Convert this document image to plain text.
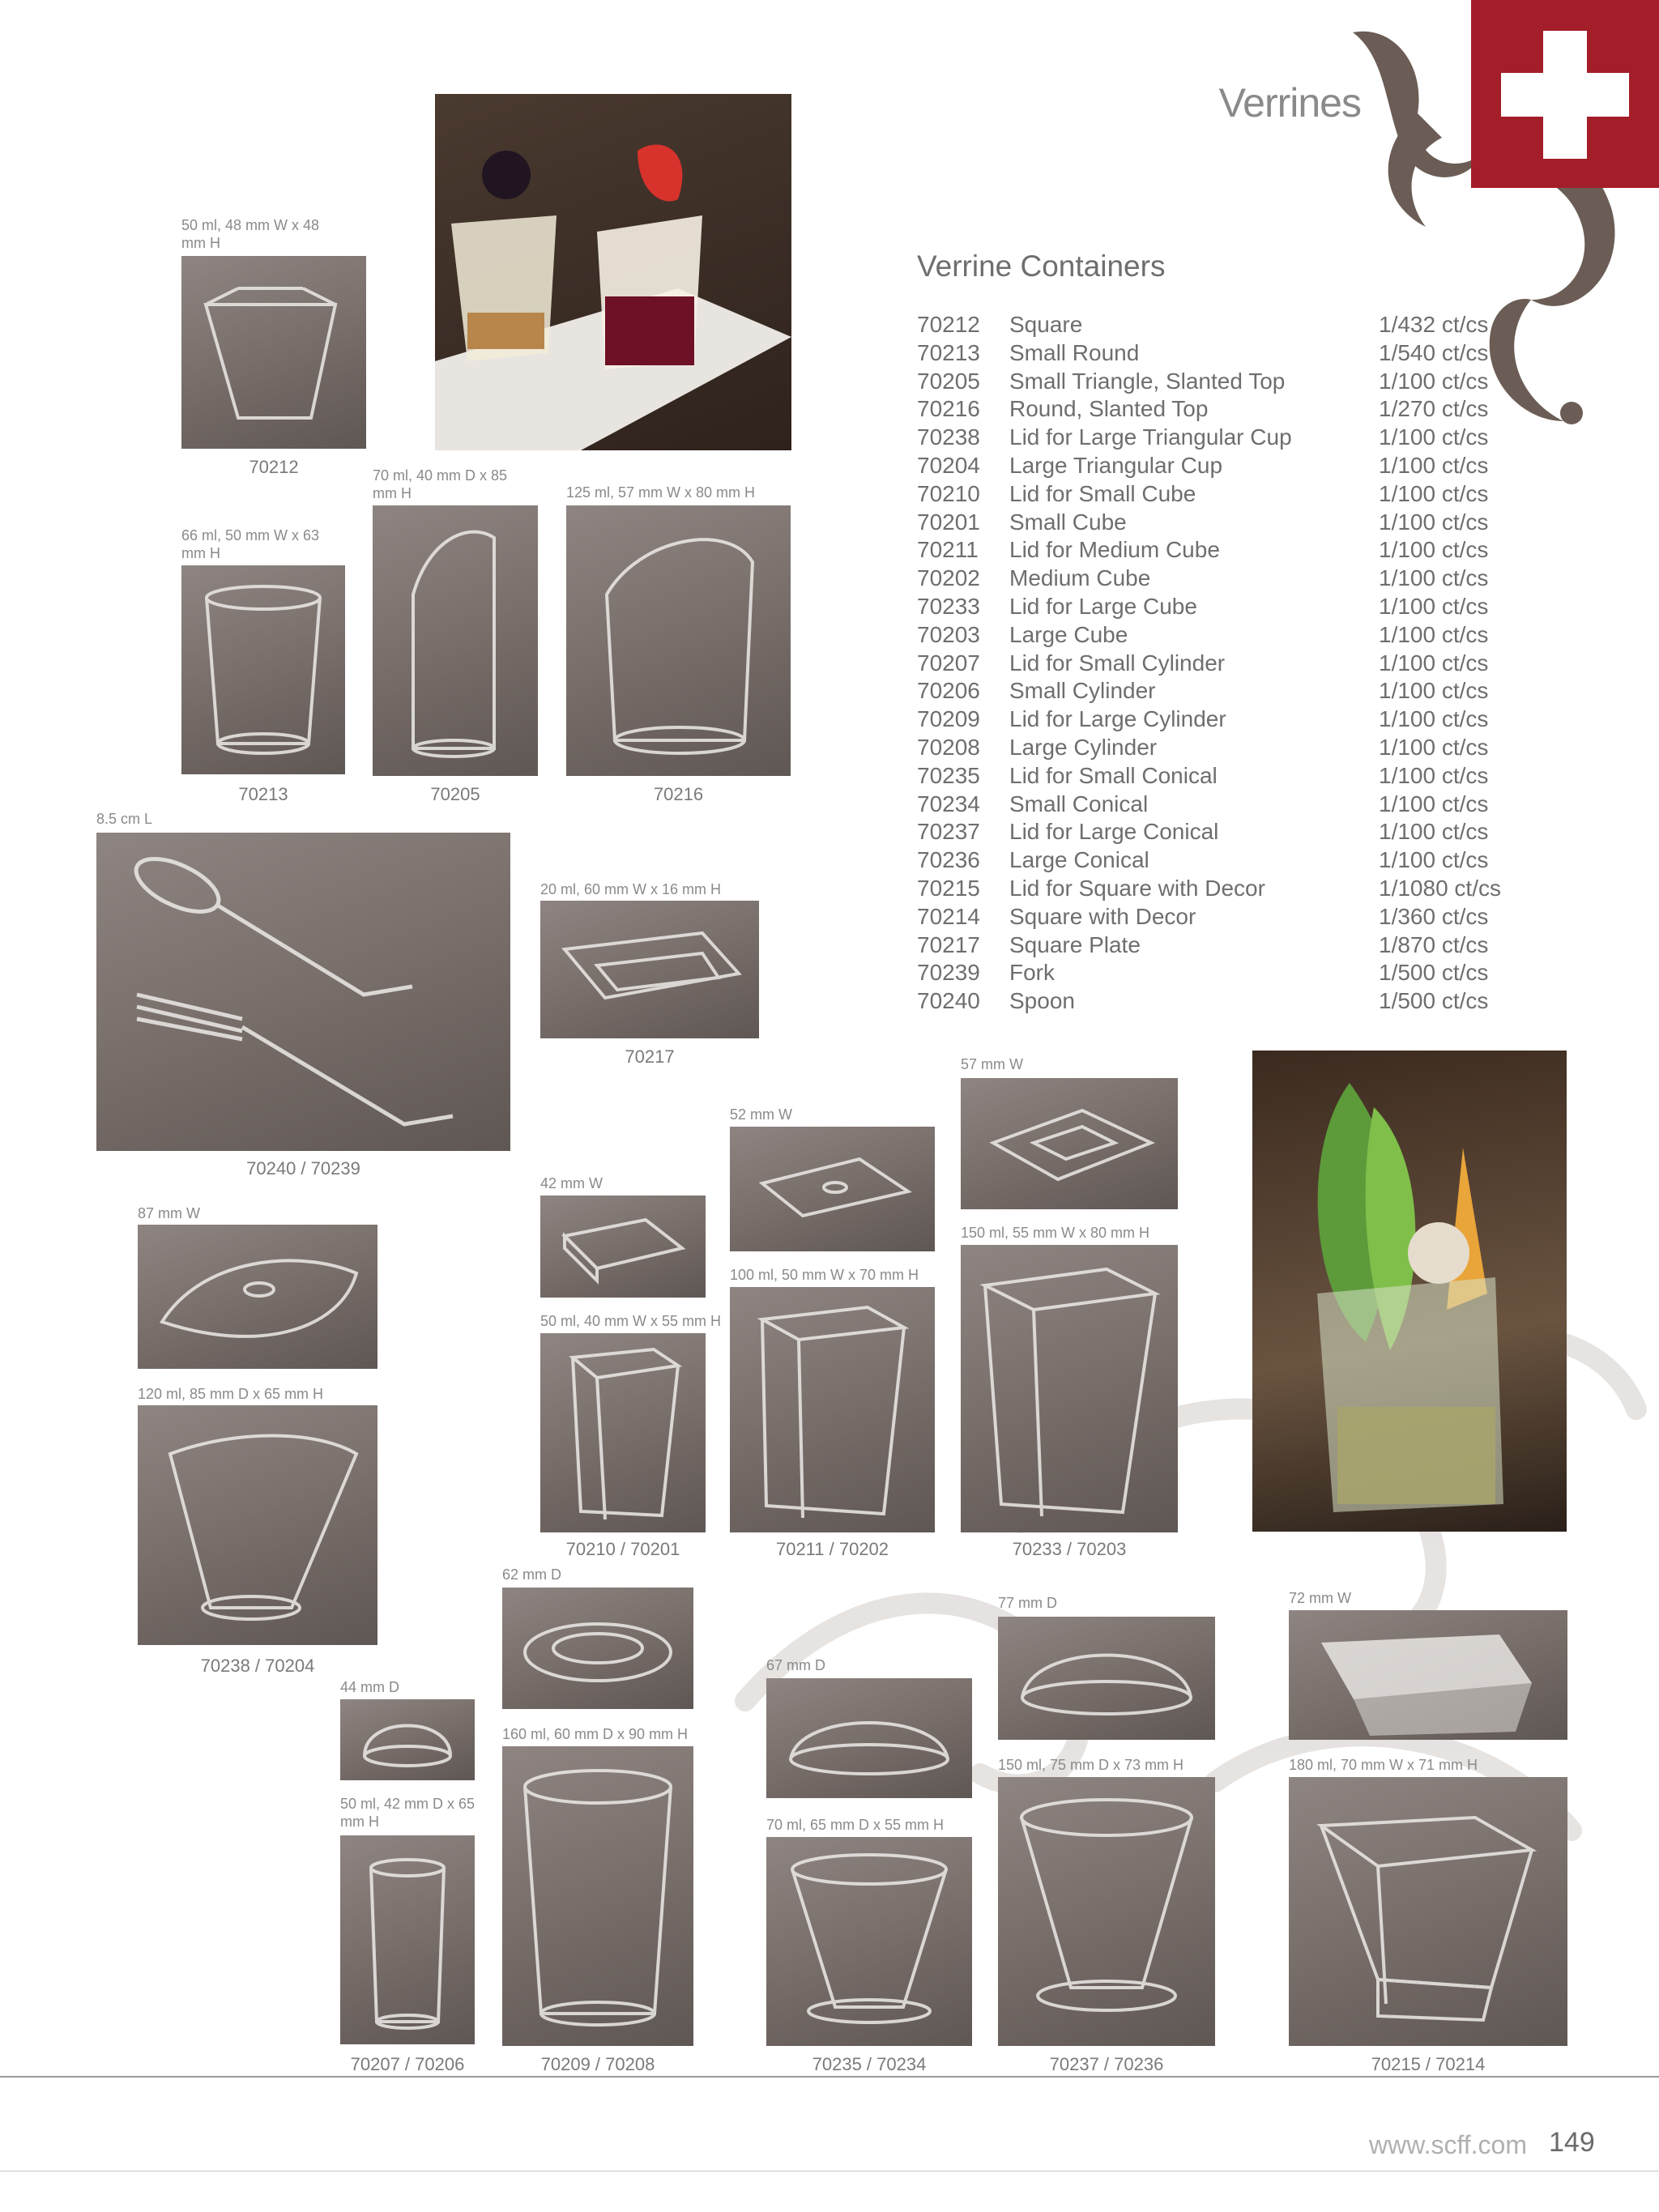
Verrines
Verrine Containers
70212 Square	1/432 ct/cs
70213 Small Round	1/540 ct/cs
70205 Small Triangle, Slanted Top	1/100 ct/cs
70216 Round, Slanted Top	1/270 ct/cs
70238 Lid for Large Triangular Cup	1/100 ct/cs
70204 Large Triangular Cup	1/100 ct/cs
70210 Lid for Small Cube	1/100 ct/cs
70201 Small Cube	1/100 ct/cs
70211 Lid for Medium Cube	1/100 ct/cs
70202 Medium Cube	1/100 ct/cs
70233 Lid for Large Cube	1/100 ct/cs
70203 Large Cube	1/100 ct/cs
70207 Lid for Small Cylinder	1/100 ct/cs
70206 Small Cylinder	1/100 ct/cs
70209 Lid for Large Cylinder	1/100 ct/cs
70208 Large Cylinder	1/100 ct/cs
70235 Lid for Small Conical	1/100 ct/cs
70234 Small Conical	1/100 ct/cs
70237 Lid for Large Conical	1/100 ct/cs
70236 Large Conical	1/100 ct/cs
70215 Lid for Square with Decor	1/1080 ct/cs
70214 Square with Decor	1/360 ct/cs
70217 Square Plate	1/870 ct/cs
70239 Fork	1/500 ct/cs
70240 Spoon	1/500 ct/cs
50 ml, 48 mm W x 48 mm H
70212
66 ml, 50 mm W x 63 mm H
70213
70 ml, 40 mm D x 85 mm H
70205
125 ml, 57 mm W x 80 mm H
70216
8.5 cm L
70240 / 70239
20 ml, 60 mm W x 16 mm H
70217
87 mm W
120 ml, 85 mm D x 65 mm H
70238 / 70204
42 mm W
50 ml, 40 mm W x 55 mm H
70210 / 70201
52 mm W
100 ml, 50 mm W x 70 mm H
70211 / 70202
57 mm W
150 ml, 55 mm W x 80 mm H
70233 / 70203
44 mm D
50 ml, 42 mm D x 65 mm H
70207 / 70206
62 mm D
160 ml, 60 mm D x 90 mm H
70209 / 70208
67 mm D
70 ml, 65 mm D x 55 mm H
70235 / 70234
77 mm D
150 ml, 75 mm D x 73 mm H
70237 / 70236
72 mm W
180 ml, 70 mm W x 71 mm H
70215 / 70214
www.scff.com 149
